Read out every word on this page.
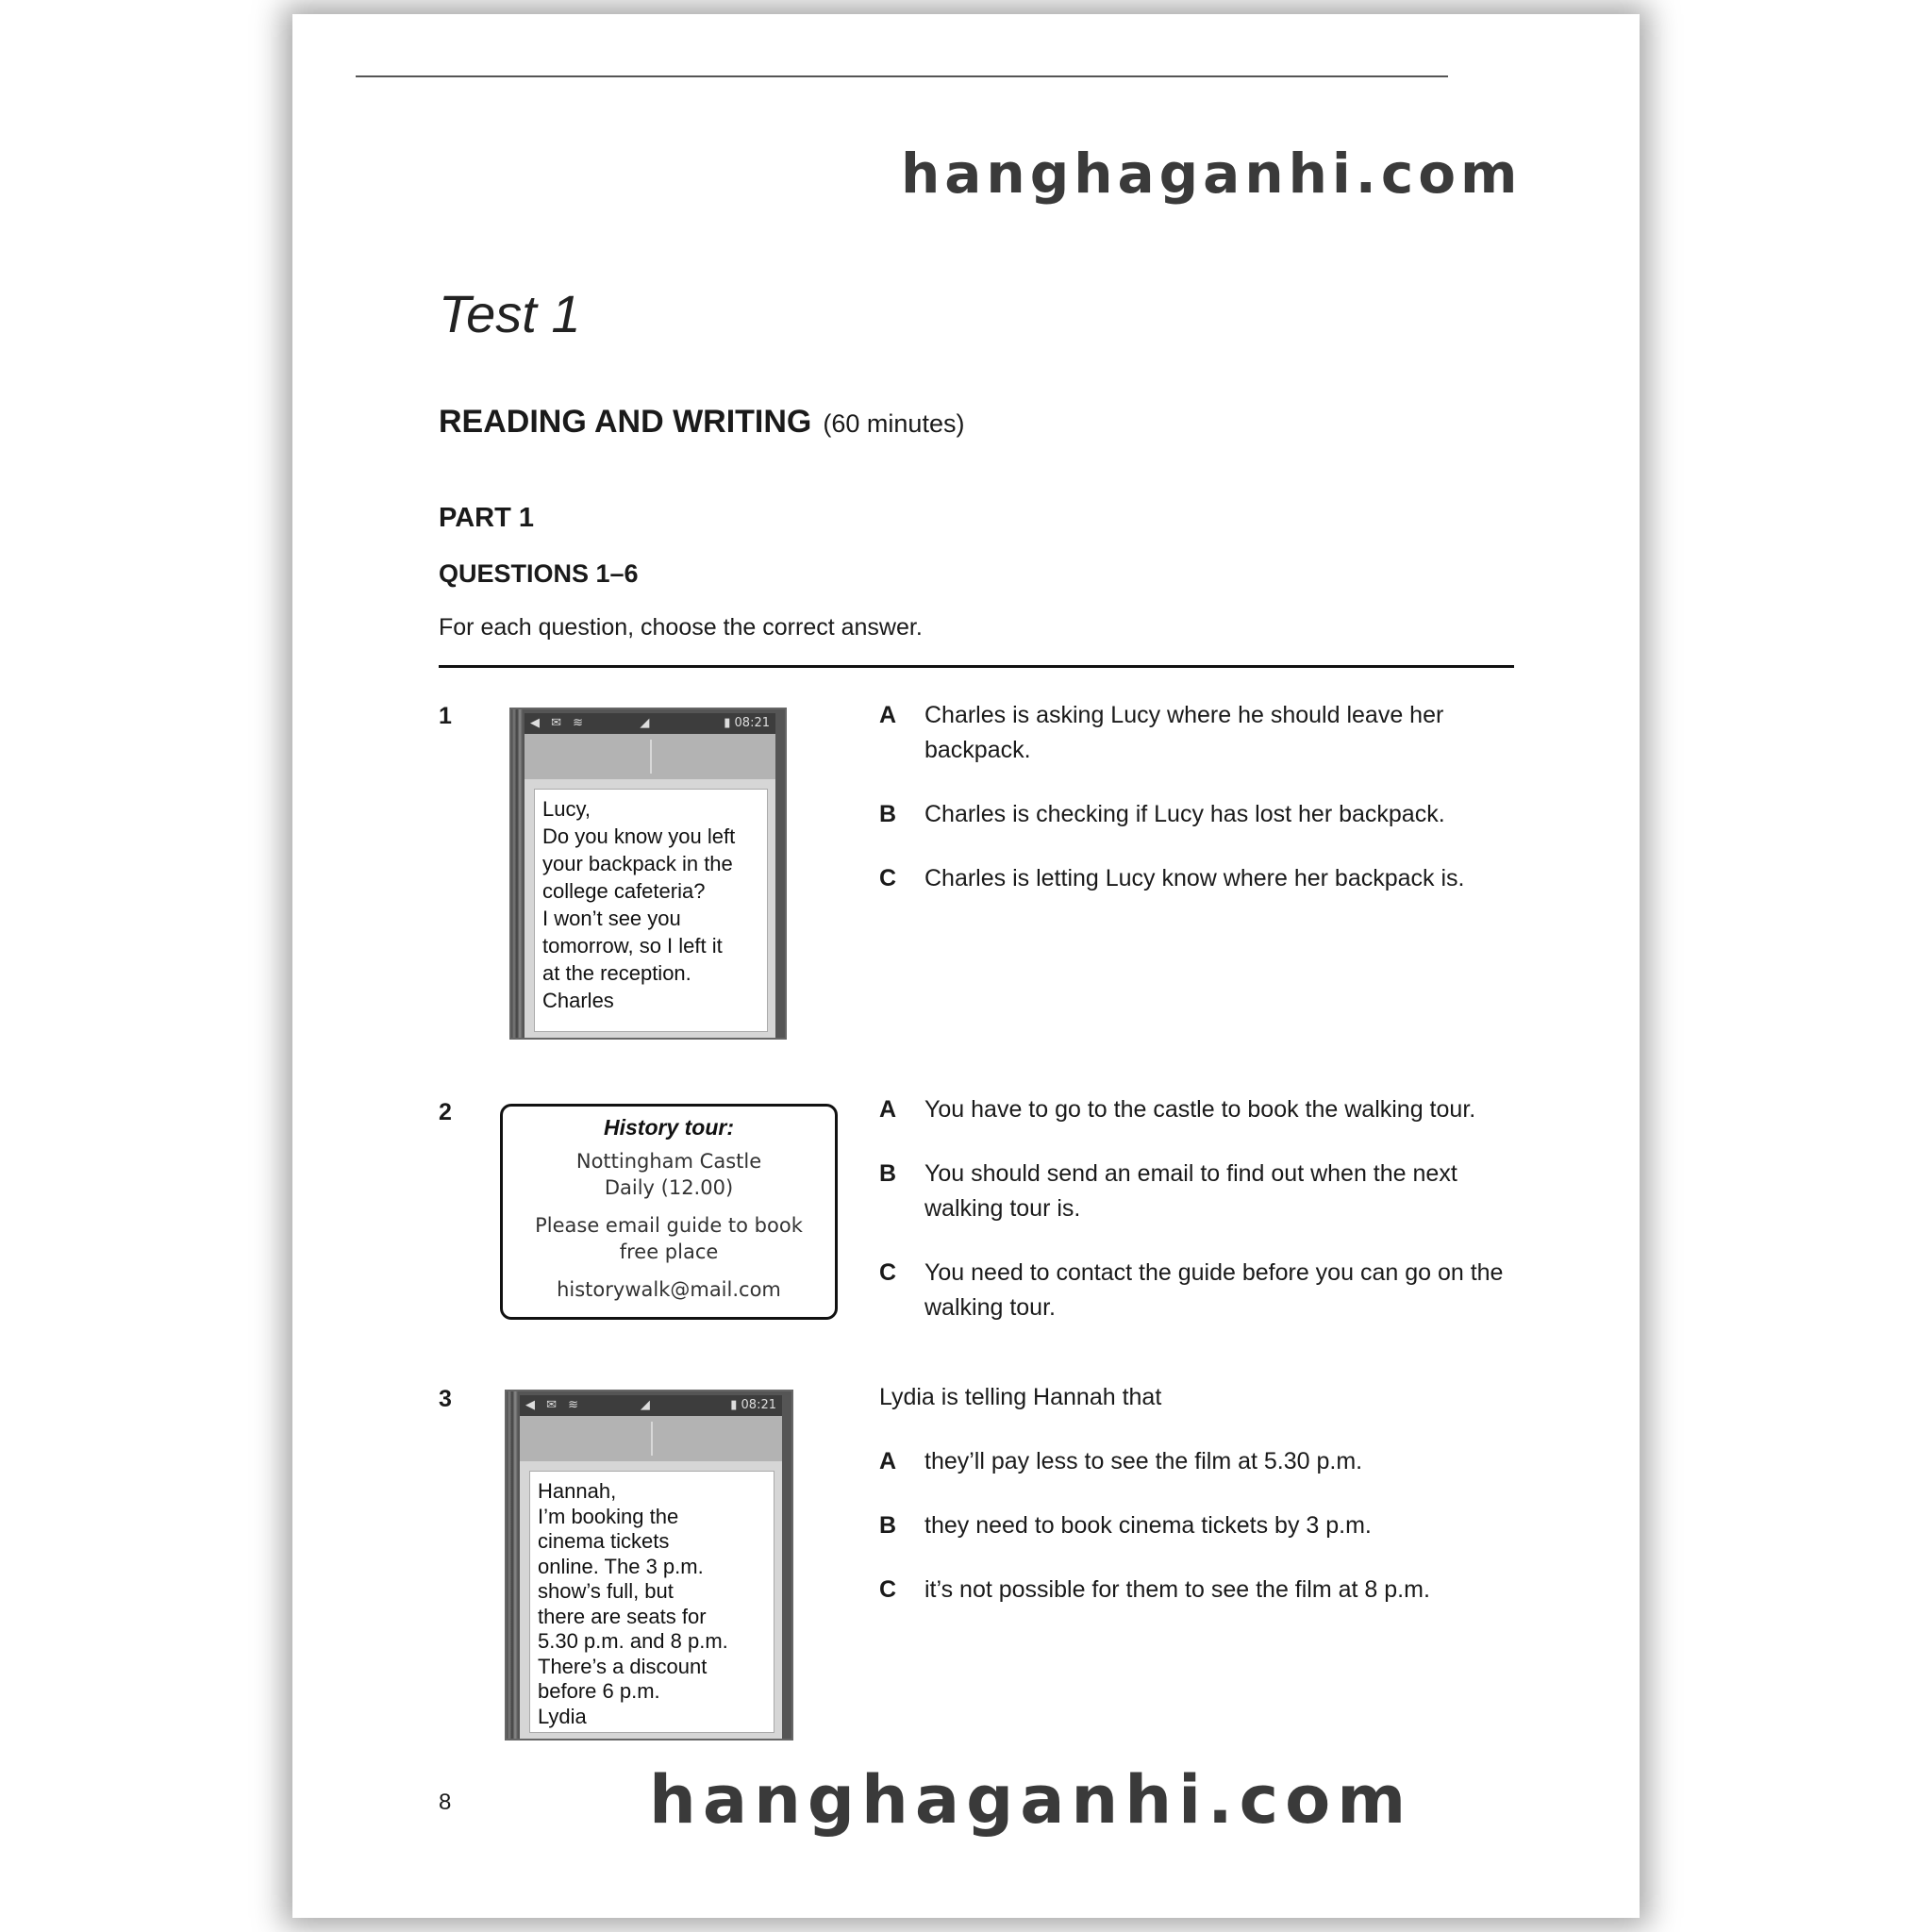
hanghaganhi.com
Test 1
READING AND WRITING (60 minutes)
PART 1
QUESTIONS 1–6
For each question, choose the correct answer.
1	◀ ✉ ≋	◢	▮ 08:21
Lucy,
Do you know you left
your backpack in the
college cafeteria?
I won’t see you
tomorrow, so I left it
at the reception.
Charles
A Charles is asking Lucy where he should leave her backpack.
B Charles is checking if Lucy has lost her backpack.
C Charles is letting Lucy know where her backpack is.
2
History tour:
Nottingham Castle
Daily (12.00)
Please email guide to book
free place
historywalk@mail.com
A You have to go to the castle to book the walking tour.
B You should send an email to find out when the next walking tour is.
C You need to contact the guide before you can go on the walking tour.
3	◀ ✉ ≋	◢	▮ 08:21
Hannah,
I’m booking the
cinema tickets
online. The 3 p.m.
show’s full, but
there are seats for
5.30 p.m. and 8 p.m.
There’s a discount
before 6 p.m.
Lydia
Lydia is telling Hannah that
A they’ll pay less to see the film at 5.30 p.m.
B they need to book cinema tickets by 3 p.m.
C it’s not possible for them to see the film at 8 p.m.
8	hanghaganhi.com
